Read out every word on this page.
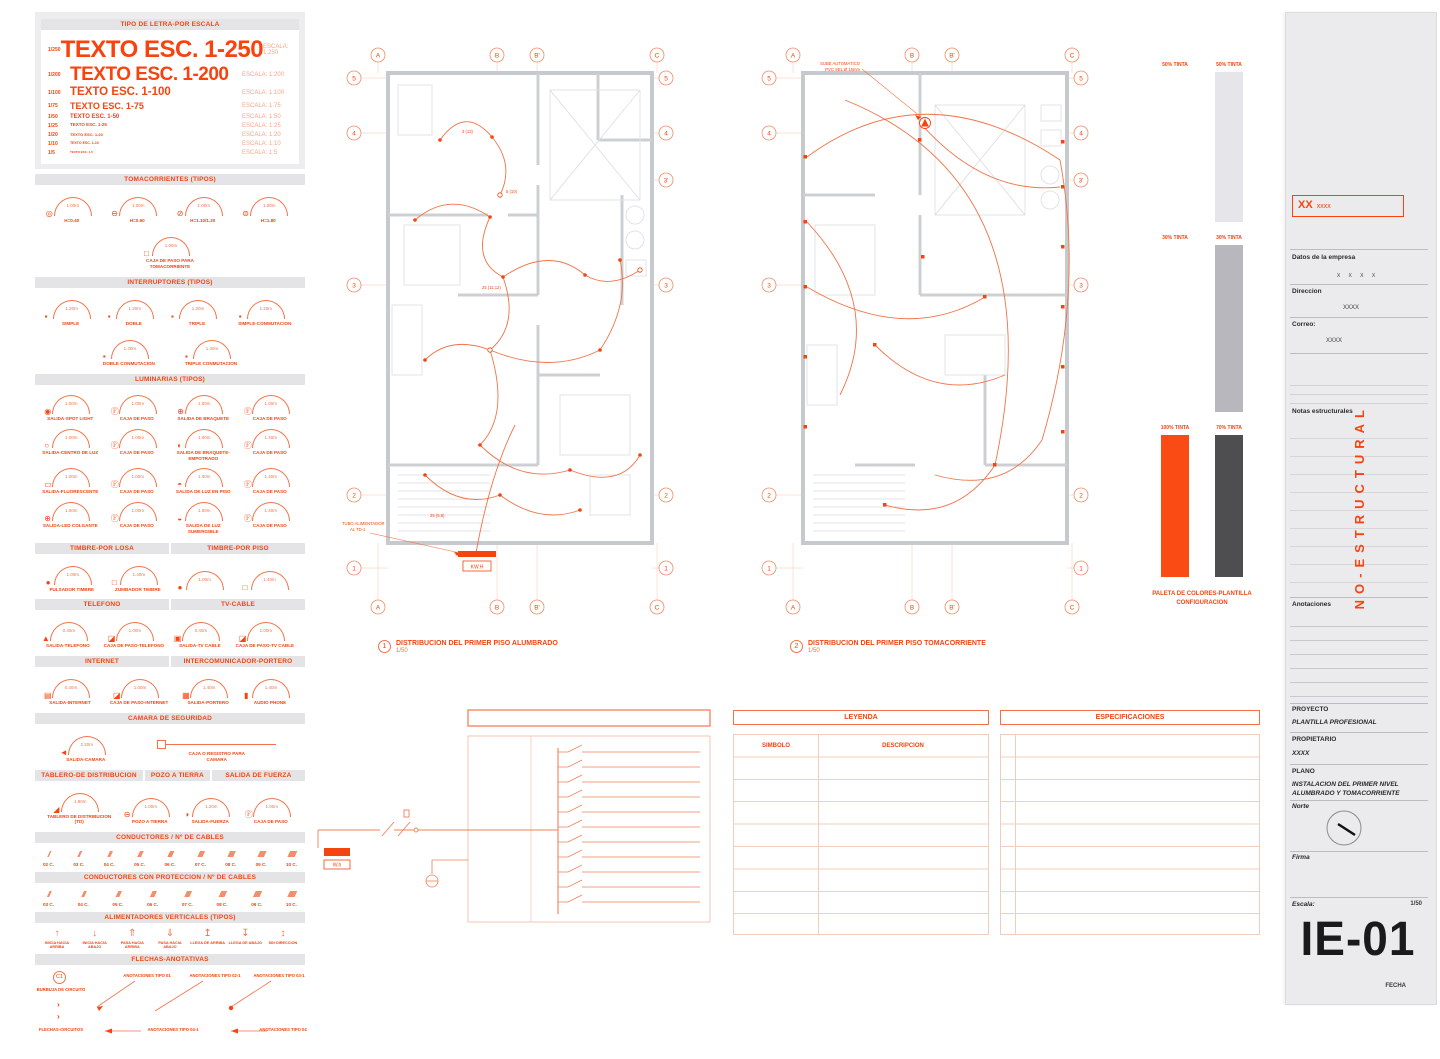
TIPO DE LETRA-POR ESCALA
1/250 TEXTO ESC. 1-250 ESCALA: 1:250
1/200 TEXTO ESC. 1-200	ESCALA: 1:200
1/100 TEXTO ESC. 1-100	ESCALA: 1:100
1/75	TEXTO ESC. 1-75	ESCALA: 1:75
1/50	TEXTO ESC. 1-50	ESCALA: 1:50
1/25	TEXTO ESC. 1-25	ESCALA: 1:25
1/20	TEXTO ESC. 1-20	ESCALA: 1:20
1/10	TEXTO ESC. 1-10	ESCALA: 1:10
1/5	TEXTO ESC. 1-5	ESCALA: 1:5
TOMACORRIENTES (TIPOS)
1.00m
◎
H=0.40
1.00m
⊖
H=0.60
1.00m
⊘
H=1.10/1.20
1.00m
⊜
H=1.80
1.00m
□
CAJA DE PASO PARA TOMACORRIENTE
INTERRUPTORES (TIPOS)
1.20m
▪
SIMPLE
1.20m
▪
DOBLE
1.20m
▪
TRIPLE
1.20m
▪
SIMPLE-CONMUTACION
1.40m
▪
DOBLE CONMUTACION
1.40m
▪
TRIPLE CONMUTACION
LUMINARIAS (TIPOS)
1.00m
◉
SALIDA-SPOT LIGHT
1.00m
Ⓕ
CAJA DE PASO
1.00m
⊕
SALIDA DE BRAQUETE
1.00m
Ⓕ
CAJA DE PASO
1.00m
○
SALIDA-CENTRO DE LUZ
1.00m
Ⓕ
CAJA DE PASO
1.00m
◐
SALIDA DE BRAQUETE-EMPOTRADO
1.40m
Ⓕ
CAJA DE PASO
1.00m
▭
SALIDA-FLUORESCENTE
1.00m
Ⓕ
CAJA DE PASO
1.00m
◓
SALIDA DE LUZ EN PISO
1.40m
Ⓕ
CAJA DE PASO
1.00m
⊕
SALIDA-LED COLGANTE
1.00m
Ⓕ
CAJA DE PASO
1.00m
◒
SALIDA DE LUZ SUMERGIBLE
1.40m
Ⓕ
CAJA DE PASO
TIMBRE-POR LOSA	TIMBRE-POR PISO
1.00m
●
PULSADOR TIMBRE
1.40m
□
ZUMBADOR TIMBRE
1.00m
●
1.40m
□
TELEFONO	TV-CABLE
0.40m
▲
SALIDA-TELEFONO
1.00m
◪
CAJA DE PASO-TELEFONO
0.40m
▣
SALIDA-TV CABLE
1.00m
◪
CAJA DE PASO-TV CABLE
INTERNET	INTERCOMUNICADOR-PORTERO
0.40m
▤
SALIDA-INTERNET
1.00m
◪
CAJA DE PASO-INTERNET
1.40m
▦
SALIDA-PORTERO
1.40m
▮
AUDIO PHONE
CAMARA DE SEGURIDAD
2.20m
◄
SALIDA-CAMARA
CAJA O REGISTRO PARA CAMARA
TABLERO-DE DISTRIBUCION	POZO A TIERRA	SALIDA DE FUERZA
1.80m
◢
TABLERO DE DISTRIBUCION (TD)
1.00m
⊖
POZO A TIERRA
1.20m
◑
SALIDA-FUERZA
1.00m
Ⓕ
CAJA DE PASO
CONDUCTORES / Nº DE CABLES
//
02 C.
///
03 C.
////
04 C.
/////
05 C.
//////
06 C.
///////
07 C.
////////
08 C.
/////////
09 C.
//////////
10 C.
CONDUCTORES CON PROTECCION / Nº DE CABLES
///
03 C.
////
04 C.
/////
05 C.
//////
06 C.
///////
07 C.
////////
08 C.
/////////
09 C.
//////////
10 C.
ALIMENTADORES VERTICALES (TIPOS)
↑
INICIA HACIA ARRIBA
↓
INICIA HACIA ABAJO
⇑
PASA HACIA ARRIBA
⇓
PASA HACIA ABAJO
↥
LLEGA DE ARRIBA
↧
LLEGA DE ABAJO
↕
SIN DIRECCION
FLECHAS-ANOTATIVAS
C1
BURBUJA DE CIRCUITO
›
›
FLECHAS-CIRCUITOS
ANOTACIONES TIPO 01	ANOTACIONES TIPO 02-1	ANOTACIONES TIPO 03-1
ANOTACIONES TIPO 04-1	ANOTACIONES TIPO 04
A	B	B'	C
A	B	B'	C
5
4
3
2
1
5
4
3'
3
2
1
3 (13)
5 (10)
25 (11,12)
25 (5,6)
KW.H
TUBO ALIMENTADOR
AL TD-1
A	B	B'	C
A	B	B'	C
5
4
3
2
1
5
4
3'
3
2
1
SUBE AUTOMATICO
PVC SEL Ø 15mm
1	DISTRIBUCION DEL PRIMER PISO ALUMBRADO
1/50
2	DISTRIBUCION DEL PRIMER PISO TOMACORRIENTE
1/50
W.h
LEYENDA
SIMBOLO	DESCRIPCION
ESPECIFICACIONES
50% TINTA	50% TINTA
30% TINTA	30% TINTA
100% TINTA	70% TINTA
PALETA DE COLORES-PLANTILLA
CONFIGURACION
XX xxxx
Datos de la empresa
X      X      X      X
Direccion
XXXX
Correo:
XXXX
Notas estructurales
NO-ESTRUCTURAL
Anotaciones
PROYECTO
PLANTILLA PROFESIONAL
PROPIETARIO
XXXX
PLANO
INSTALACION DEL PRIMER NIVEL
ALUMBRADO Y TOMACORRIENTE
Norte
Firma
Escala:	1/50
IE-01
FECHA
